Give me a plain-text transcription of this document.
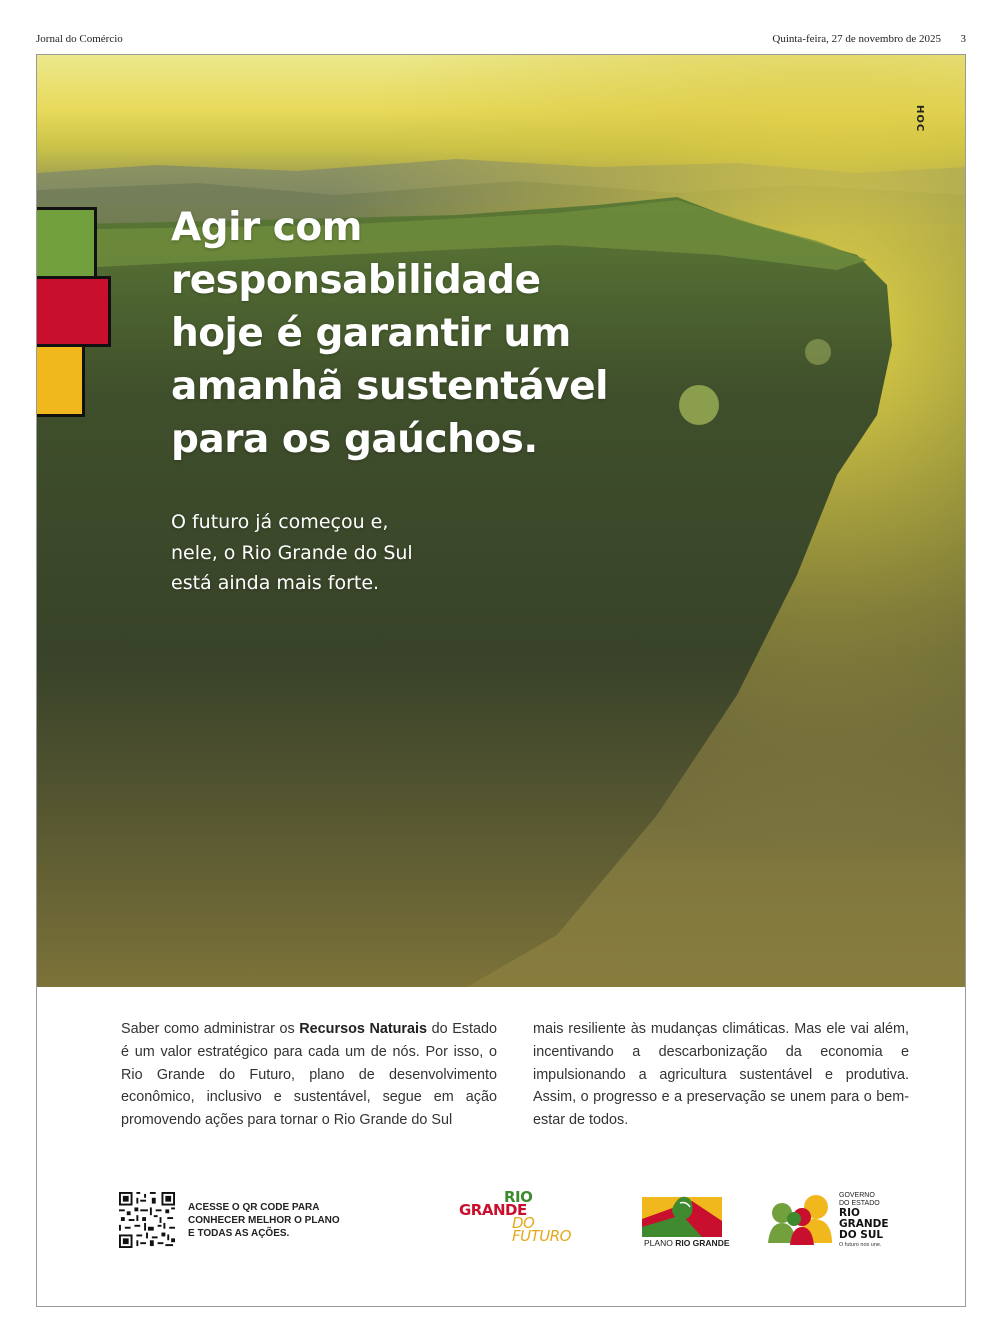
Jornal do Comércio	Quinta-feira, 27 de novembro de 2025 3
HOC
Agir com
responsabilidade
hoje é garantir um
amanhã sustentável
para os gaúchos.

O futuro já começou e,
nele, o Rio Grande do Sul
está ainda mais forte.

Saber como administrar os Recursos Naturais do Estado é um valor estratégico para cada um de nós. Por isso, o Rio Grande do Futuro, plano de desenvolvimento econômico, inclusivo e sustentável, segue em ação promovendo ações para tornar o Rio Grande do Sul

mais resiliente às mudanças climáticas. Mas ele vai além, incentivando a descarbonização da economia e impulsionando a agricultura sustentável e produtiva. Assim, o progresso e a preservação se unem para o bem-estar de todos.

ACESSE O QR CODE PARA
CONHECER MELHOR O PLANO
E TODAS AS AÇÕES.
RIO
GRANDE
DO
FUTURO	PLANO RIO GRANDE
GOVERNO
DO ESTADO
RIO
GRANDE
DO SUL
O futuro nos une.
